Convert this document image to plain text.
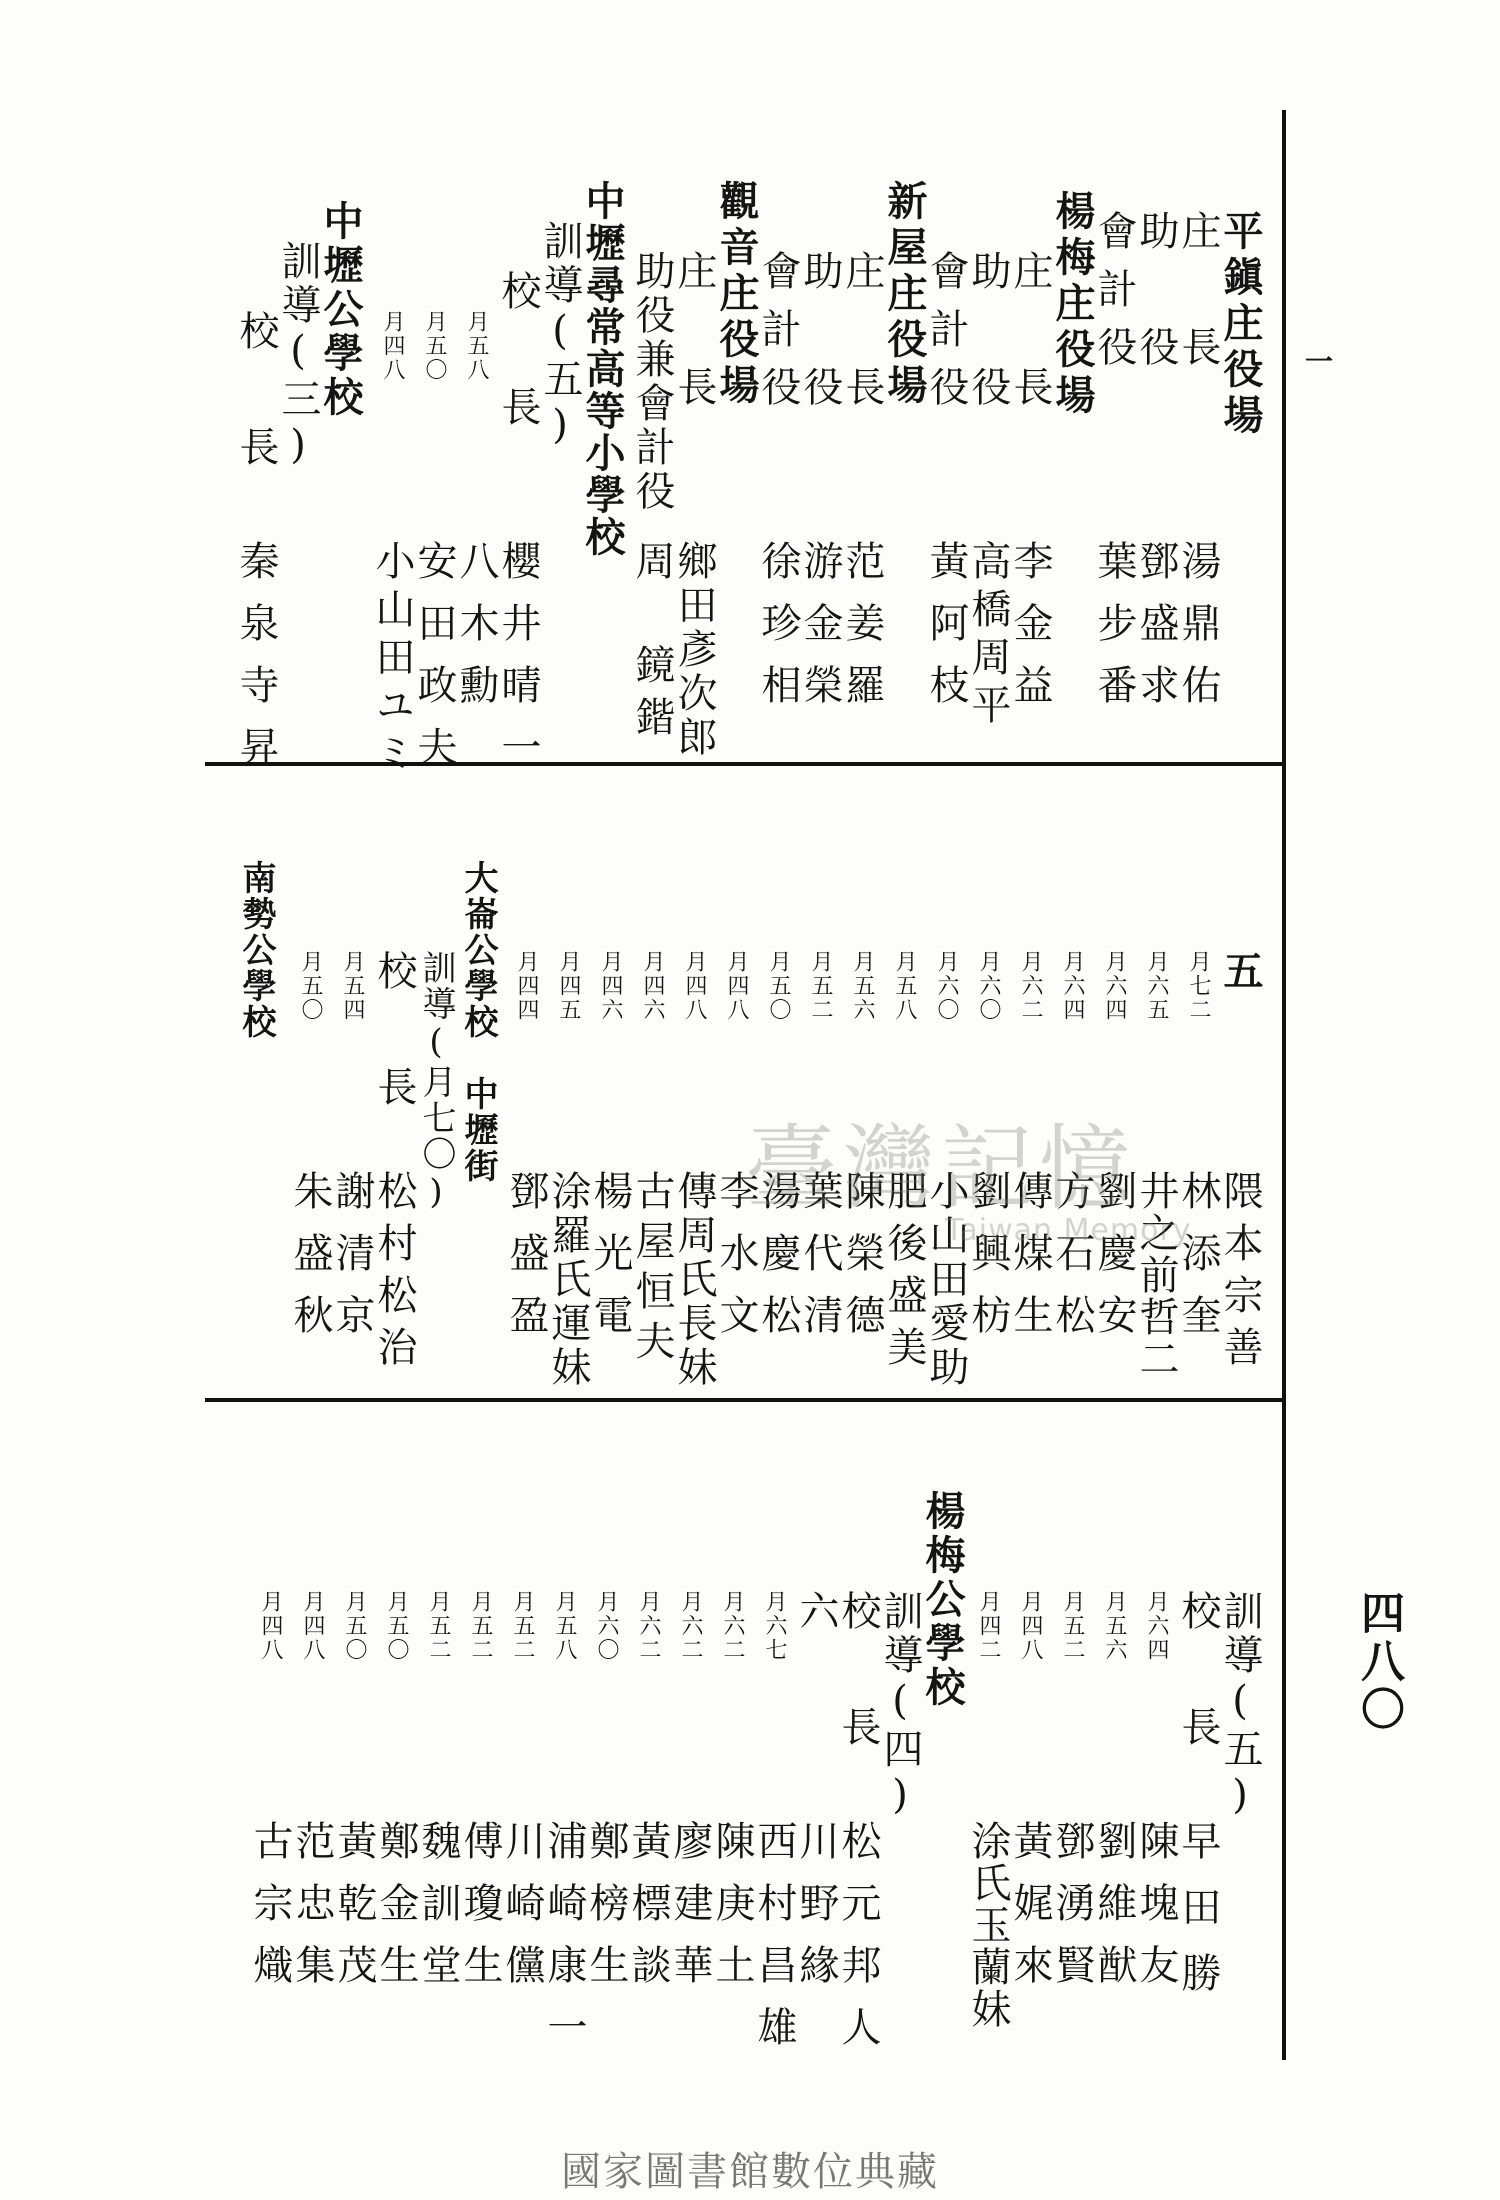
一
四八〇
平鎭庄役場
庄　長
湯鼎佑
助　役
鄧盛求
會計役
葉步番
楊梅庄役場
庄　長
李金益
助　役
高橋周平
會計役
黃阿枝
新屋庄役場
庄　長
范姜羅
助　役
游金榮
會計役
徐珍相
觀音庄役場
庄　長
鄉田彥次郎
助役兼會計役
周　鏡鍇
中壢尋常高等小學校
訓導(五)
校　長
櫻井晴一
月五八
八木勳
月五〇
安田政夫
月四八
小山田ユミ
中壢公學校
訓導(三)
校　長
秦泉寺昇
五
隈本宗善
月七二
林添奎
月六五
井之前哲二
月六四
劉慶安
月六四
方石松
月六二
傳煤生
月六〇
劉興枋
月六〇
小山田愛助
月五八
肥後盛美
月五六
陳榮德
月五二
葉代清
月五〇
湯慶松
月四八
李水文
月四八
傳周氏長妹
月四六
古屋恒夫
月四六
楊光電
月四五
涂羅氏運妹
月四四
鄧盛盈
大崙公學校　中壢街
訓導(月七〇)
校　長
松村松治
月五四
謝清京
月五〇
朱盛秋
南勢公學校
訓導(五)
校　長
早田勝
月六四
陳塊友
月五六
劉維猷
月五二
鄧湧賢
月四八
黃娓來
月四二
涂氏玉蘭妹
楊梅公學校
訓導(四)
校　長
松元邦人
六
川野緣
月六七
西村昌雄
月六二
陳庚土
月六二
廖建華
月六二
黃標談
月六〇
鄭榜生
月五八
浦崎康一
月五二
川崎儻
月五二
傅瓊生
月五二
魏訓堂
月五〇
鄭金生
月五〇
黃乾茂
月四八
范忠集
月四八
古宗熾
臺灣記憶
Taiwan Memory
國家圖書館數位典藏
